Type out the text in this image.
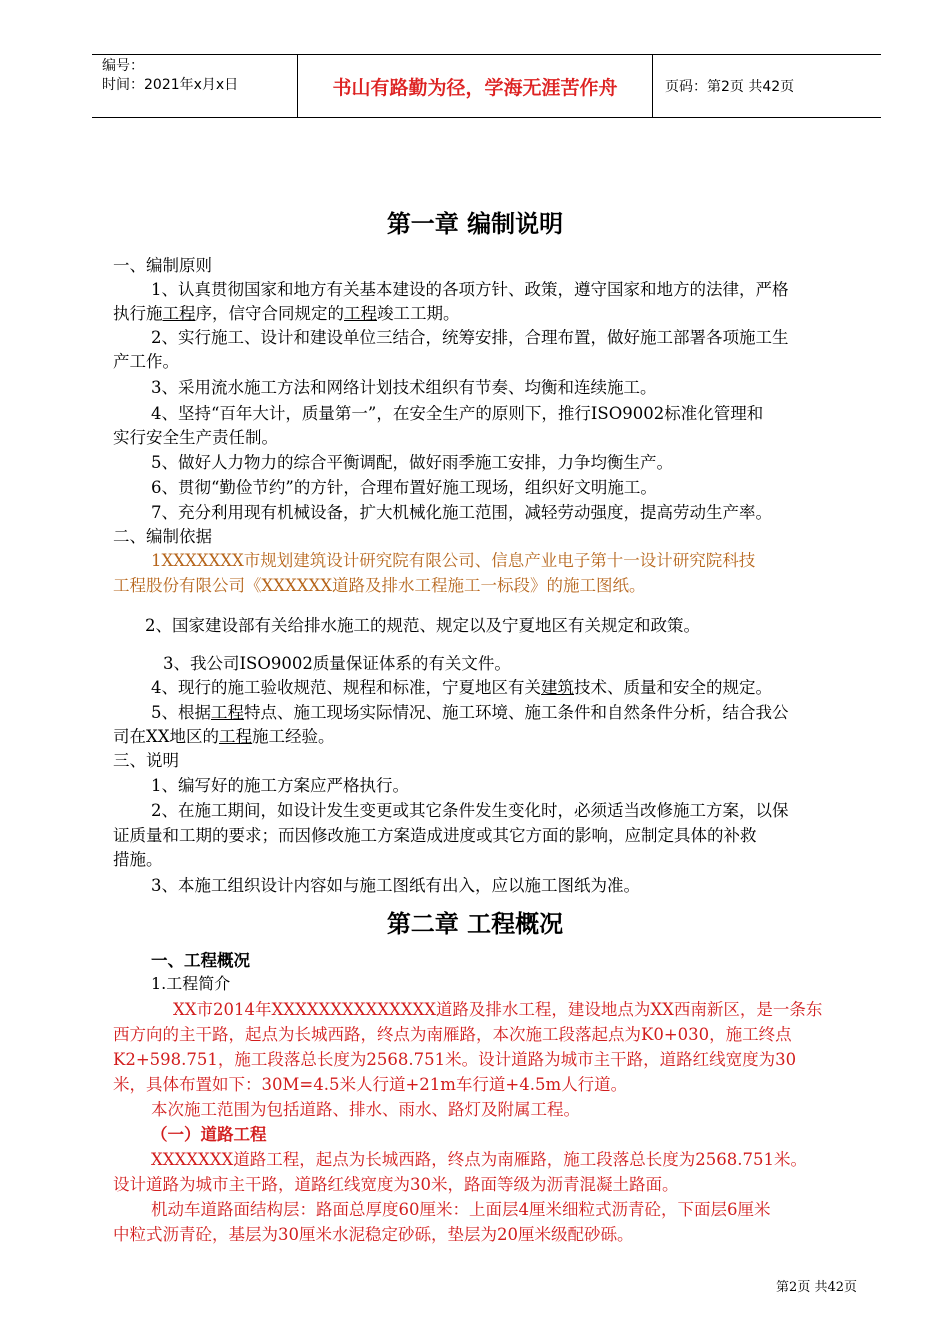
编号：
时间：2021年x月x日	书山有路勤为径，学海无涯苦作舟	页码：第2页 共42页
第一章 编制说明
一、编制原则
1、认真贯彻国家和地方有关基本建设的各项方针、政策，遵守国家和地方的法律，严格
执行施工程序，信守合同规定的工程竣工工期。
2、实行施工、设计和建设单位三结合，统筹安排，合理布置，做好施工部署各项施工生
产工作。
3、采用流水施工方法和网络计划技术组织有节奏、均衡和连续施工。
4、坚持“百年大计，质量第一”，在安全生产的原则下，推行ISO9002标准化管理和
实行安全生产责任制。
5、做好人力物力的综合平衡调配，做好雨季施工安排，力争均衡生产。
6、贯彻“勤俭节约”的方针，合理布置好施工现场，组织好文明施工。
7、充分利用现有机械设备，扩大机械化施工范围，减轻劳动强度，提高劳动生产率。
二、编制依据
1XXXXXXX市规划建筑设计研究院有限公司、信息产业电子第十一设计研究院科技
工程股份有限公司《XXXXXX道路及排水工程施工一标段》的施工图纸。
2、国家建设部有关给排水施工的规范、规定以及宁夏地区有关规定和政策。
3、我公司ISO9002质量保证体系的有关文件。
4、现行的施工验收规范、规程和标准，宁夏地区有关建筑技术、质量和安全的规定。
5、根据工程特点、施工现场实际情况、施工环境、施工条件和自然条件分析，结合我公
司在XX地区的工程施工经验。
三、说明
1、编写好的施工方案应严格执行。
2、在施工期间，如设计发生变更或其它条件发生变化时，必须适当改修施工方案，以保
证质量和工期的要求；而因修改施工方案造成进度或其它方面的影响，应制定具体的补救
措施。
3、本施工组织设计内容如与施工图纸有出入，应以施工图纸为准。
第二章 工程概况
一、工程概况
1.工程简介
XX市2014年XXXXXXXXXXXXXX道路及排水工程，建设地点为XX西南新区，是一条东
西方向的主干路，起点为长城西路，终点为南雁路，本次施工段落起点为K0+030，施工终点
K2+598.751，施工段落总长度为2568.751米。设计道路为城市主干路，道路红线宽度为30
米，具体布置如下：30M=4.5米人行道+21m车行道+4.5m人行道。
本次施工范围为包括道路、排水、雨水、路灯及附属工程。
（一）道路工程
XXXXXXX道路工程，起点为长城西路，终点为南雁路，施工段落总长度为2568.751米。
设计道路为城市主干路，道路红线宽度为30米，路面等级为沥青混凝土路面。
机动车道路面结构层：路面总厚度60厘米：上面层4厘米细粒式沥青砼，下面层6厘米
中粒式沥青砼，基层为30厘米水泥稳定砂砾，垫层为20厘米级配砂砾。
第2页 共42页
